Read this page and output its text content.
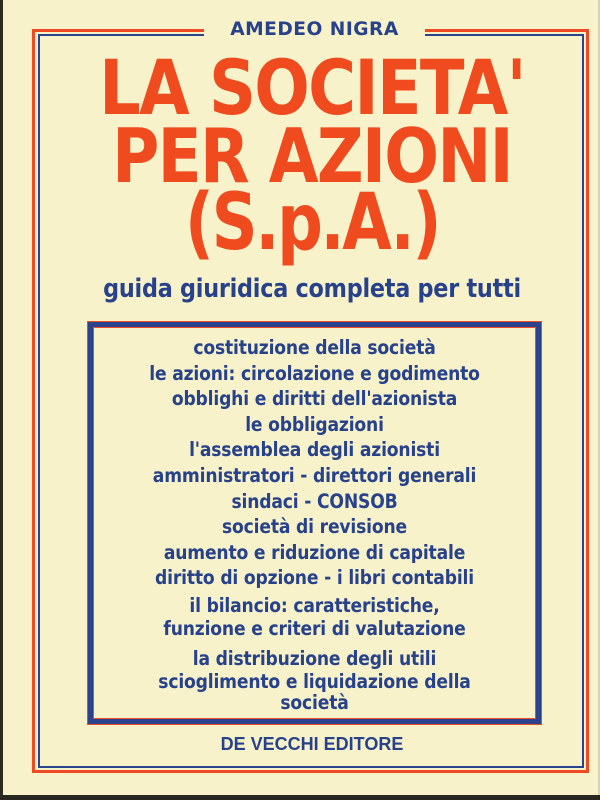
AMEDEO NIGRA
LA SOCIETA'
PER AZIONI
(S.p.A.)
guida giuridica completa per tutti
costituzione della società
le azioni: circolazione e godimento
obblighi e diritti dell'azionista
le obbligazioni
l'assemblea degli azionisti
amministratori - direttori generali
sindaci - CONSOB
società di revisione
aumento e riduzione di capitale
diritto di opzione - i libri contabili
il bilancio: caratteristiche,
funzione e criteri di valutazione
la distribuzione degli utili
scioglimento e liquidazione della
società
DE VECCHI EDITORE
